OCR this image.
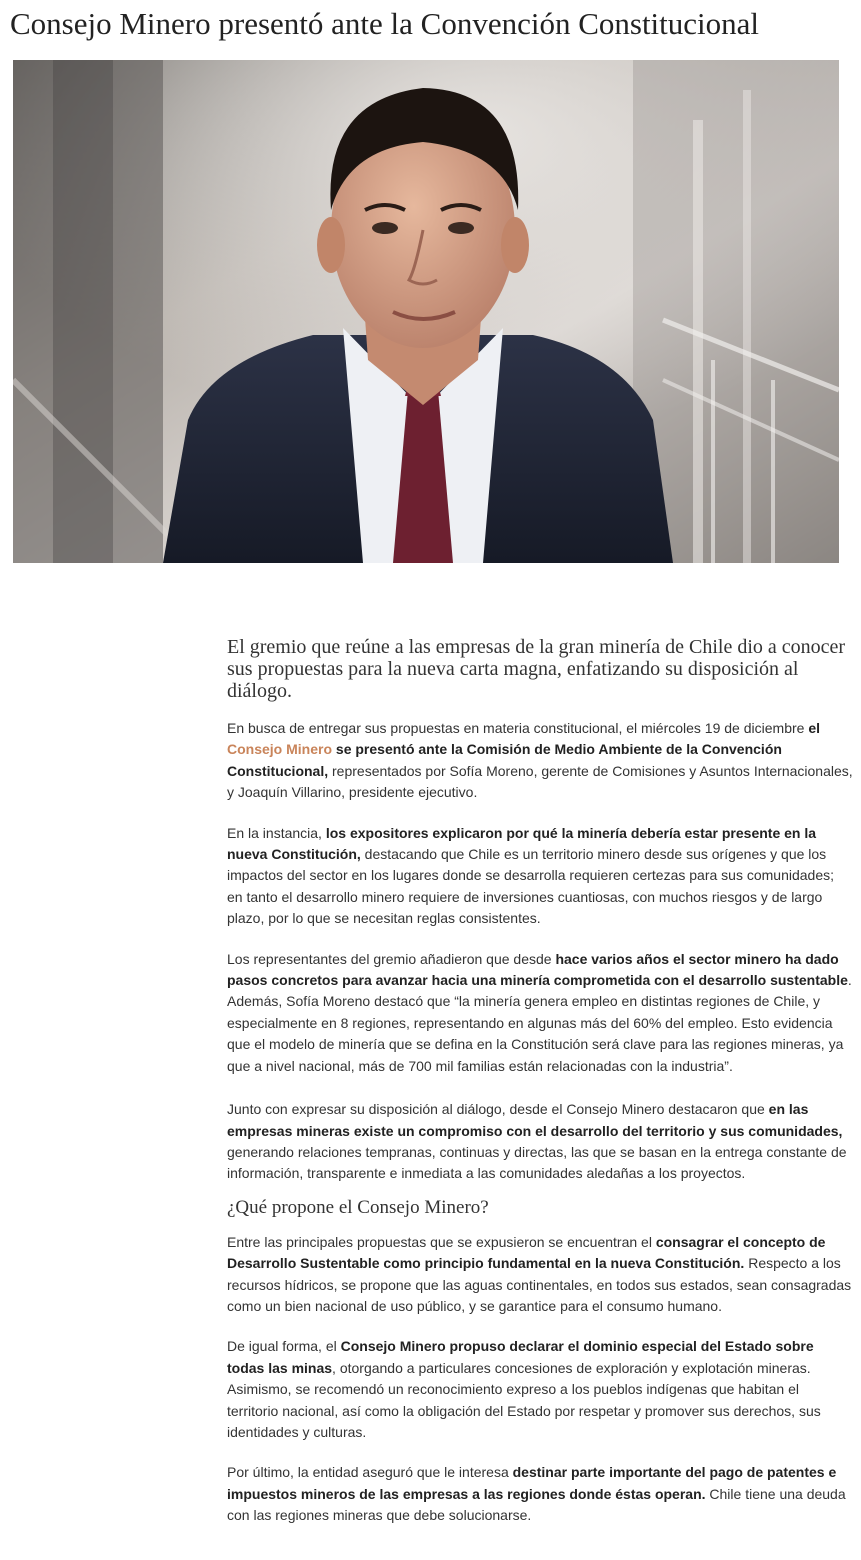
Consejo Minero presentó ante la Convención Constitucional

El gremio que reúne a las empresas de la gran minería de Chile dio a conocer sus propuestas para la nueva carta magna, enfatizando su disposición al diálogo.

En busca de entregar sus propuestas en materia constitucional, el miércoles 19 de diciembre el Consejo Minero se presentó ante la Comisión de Medio Ambiente de la Convención Constitucional, representados por Sofía Moreno, gerente de Comisiones y Asuntos Internacionales, y Joaquín Villarino, presidente ejecutivo.

En la instancia, los expositores explicaron por qué la minería debería estar presente en la nueva Constitución, destacando que Chile es un territorio minero desde sus orígenes y que los impactos del sector en los lugares donde se desarrolla requieren certezas para sus comunidades; en tanto el desarrollo minero requiere de inversiones cuantiosas, con muchos riesgos y de largo plazo, por lo que se necesitan reglas consistentes.

Los representantes del gremio añadieron que desde hace varios años el sector minero ha dado pasos concretos para avanzar hacia una minería comprometida con el desarrollo sustentable. Además, Sofía Moreno destacó que “la minería genera empleo en distintas regiones de Chile, y especialmente en 8 regiones, representando en algunas más del 60% del empleo. Esto evidencia que el modelo de minería que se defina en la Constitución será clave para las regiones mineras, ya que a nivel nacional, más de 700 mil familias están relacionadas con la industria”.

Junto con expresar su disposición al diálogo, desde el Consejo Minero destacaron que en las empresas mineras existe un compromiso con el desarrollo del territorio y sus comunidades, generando relaciones tempranas, continuas y directas, las que se basan en la entrega constante de información, transparente e inmediata a las comunidades aledañas a los proyectos.

¿Qué propone el Consejo Minero?

Entre las principales propuestas que se expusieron se encuentran el consagrar el concepto de Desarrollo Sustentable como principio fundamental en la nueva Constitución. Respecto a los recursos hídricos, se propone que las aguas continentales, en todos sus estados, sean consagradas como un bien nacional de uso público, y se garantice para el consumo humano.

De igual forma, el Consejo Minero propuso declarar el dominio especial del Estado sobre todas las minas, otorgando a particulares concesiones de exploración y explotación mineras. Asimismo, se recomendó un reconocimiento expreso a los pueblos indígenas que habitan el territorio nacional, así como la obligación del Estado por respetar y promover sus derechos, sus identidades y culturas.

Por último, la entidad aseguró que le interesa destinar parte importante del pago de patentes e impuestos mineros de las empresas a las regiones donde éstas operan. Chile tiene una deuda con las regiones mineras que debe solucionarse.
